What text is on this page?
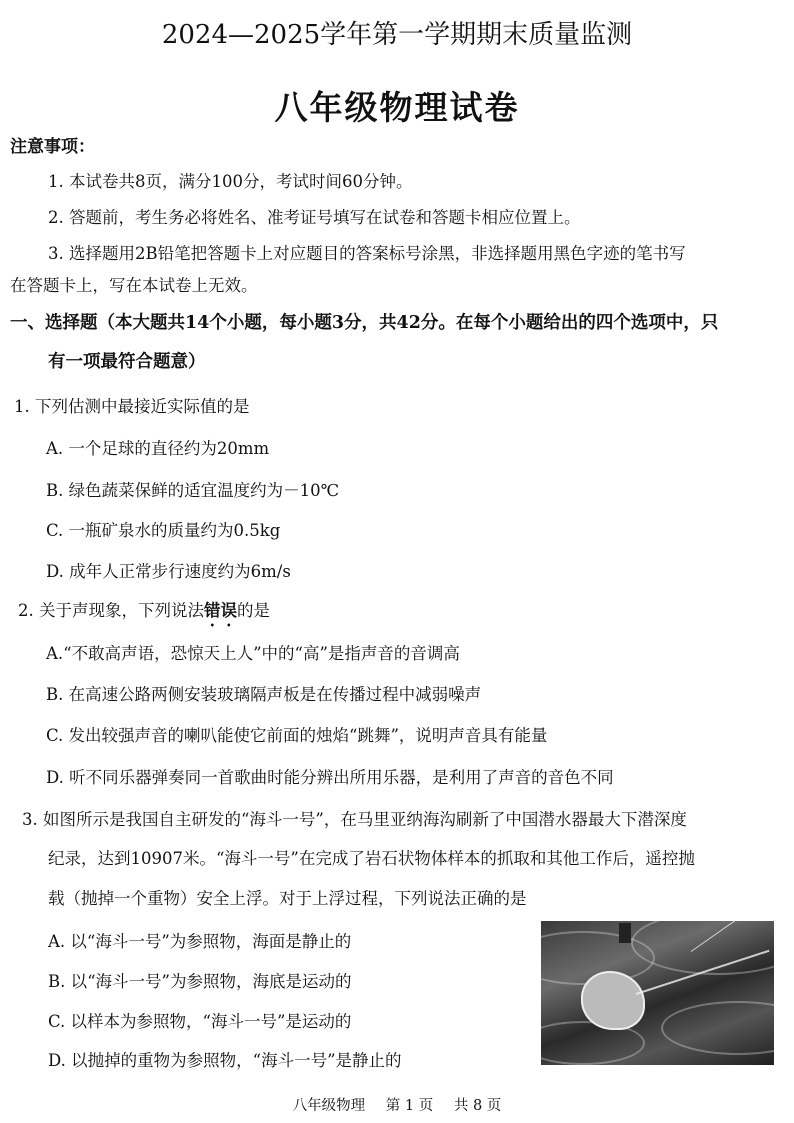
2024—2025学年第一学期期末质量监测
八年级物理试卷
注意事项：
1. 本试卷共8页，满分100分，考试时间60分钟。
2. 答题前，考生务必将姓名、准考证号填写在试卷和答题卡相应位置上。
3. 选择题用2B铅笔把答题卡上对应题目的答案标号涂黑，非选择题用黑色字迹的笔书写
在答题卡上，写在本试卷上无效。
一、选择题（本大题共14个小题，每小题3分，共42分。在每个小题给出的四个选项中，只
有一项最符合题意）
1. 下列估测中最接近实际值的是
A. 一个足球的直径约为20mm
B. 绿色蔬菜保鲜的适宜温度约为－10℃
C. 一瓶矿泉水的质量约为0.5kg
D. 成年人正常步行速度约为6m/s
2. 关于声现象，下列说法错误的是
A.“不敢高声语，恐惊天上人”中的“高”是指声音的音调高
B. 在高速公路两侧安装玻璃隔声板是在传播过程中减弱噪声
C. 发出较强声音的喇叭能使它前面的烛焰“跳舞”，说明声音具有能量
D. 听不同乐器弹奏同一首歌曲时能分辨出所用乐器，是利用了声音的音色不同
3. 如图所示是我国自主研发的“海斗一号”，在马里亚纳海沟刷新了中国潜水器最大下潜深度
纪录，达到10907米。“海斗一号”在完成了岩石状物体样本的抓取和其他工作后，遥控抛
载（抛掉一个重物）安全上浮。对于上浮过程，下列说法正确的是
A. 以“海斗一号”为参照物，海面是静止的
B. 以“海斗一号”为参照物，海底是运动的
C. 以样本为参照物，“海斗一号”是运动的
D. 以抛掉的重物为参照物，“海斗一号”是静止的
八年级物理 第 1 页 共 8 页
